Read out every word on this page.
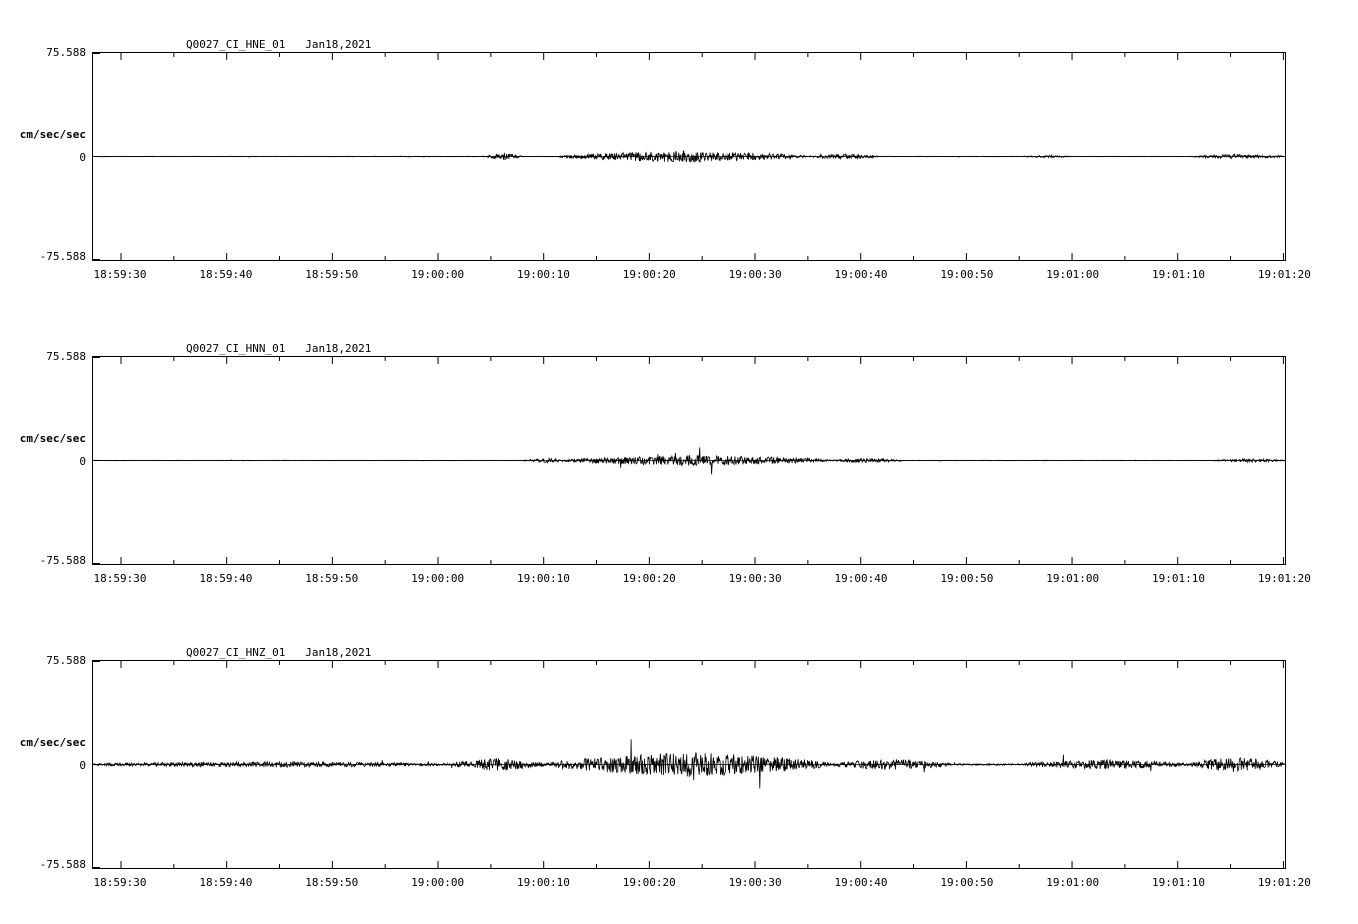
Q0027_CI_HNE_01   Jan18,2021
75.588
cm/sec/sec
0
-75.588
18:59:30	18:59:40	18:59:50	19:00:00	19:00:10	19:00:20	19:00:30	19:00:40	19:00:50	19:01:00	19:01:10	19:01:20
Q0027_CI_HNN_01   Jan18,2021
75.588
cm/sec/sec
0
-75.588
18:59:30	18:59:40	18:59:50	19:00:00	19:00:10	19:00:20	19:00:30	19:00:40	19:00:50	19:01:00	19:01:10	19:01:20
Q0027_CI_HNZ_01   Jan18,2021
75.588
cm/sec/sec
0
-75.588
18:59:30	18:59:40	18:59:50	19:00:00	19:00:10	19:00:20	19:00:30	19:00:40	19:00:50	19:01:00	19:01:10	19:01:20
